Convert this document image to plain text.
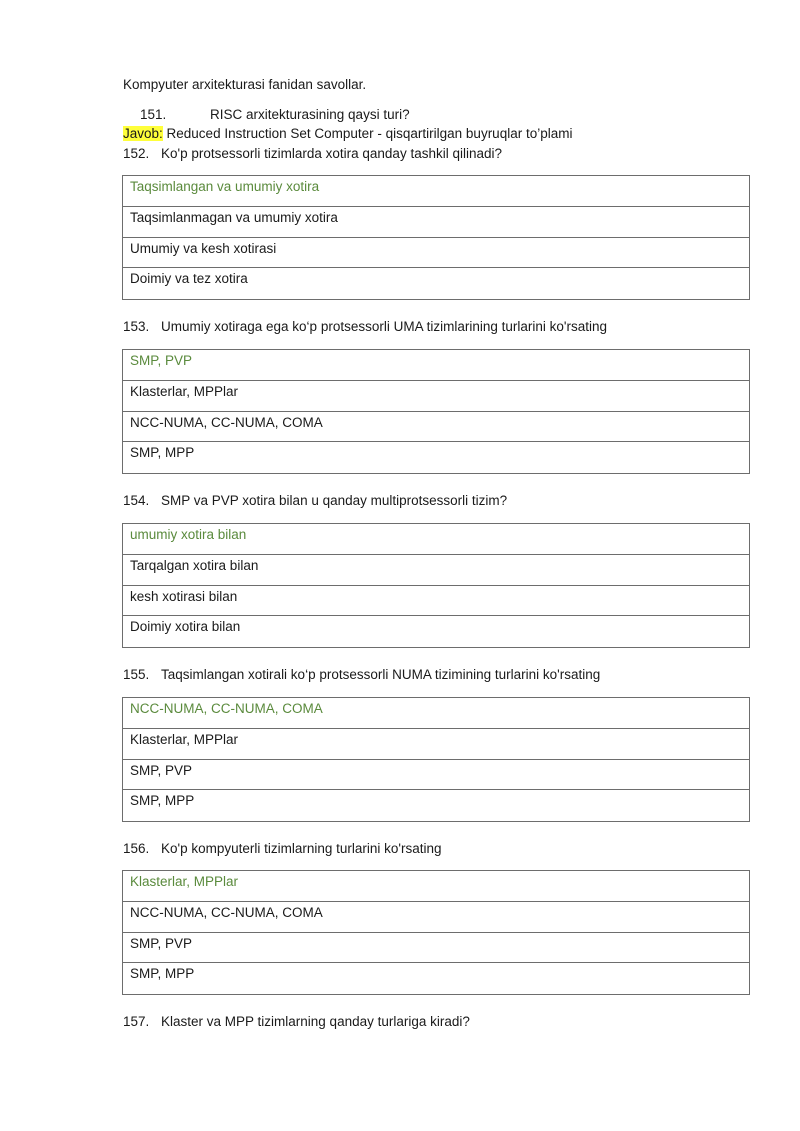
Kompyuter arxitekturasi fanidan savollar.
151.	RISC arxitekturasining qaysi turi?
Javob: Reduced Instruction Set Computer - qisqartirilgan buyruqlar to’plami
152. Ko'p protsessorli tizimlarda xotira qanday tashkil qilinadi?
Taqsimlangan va umumiy xotira
Taqsimlanmagan va umumiy xotira
Umumiy va kesh xotirasi
Doimiy va tez xotira
153. Umumiy xotiraga ega ko‘p protsessorli UMA tizimlarining turlarini ko'rsating
SMP, PVP
Klasterlar, MPPlar
NCC-NUMA, CC-NUMA, COMA
SMP, MPP
154. SMP va PVP xotira bilan u qanday multiprotsessorli tizim?
umumiy xotira bilan
Tarqalgan xotira bilan
kesh xotirasi bilan
Doimiy xotira bilan
155. Taqsimlangan xotirali ko‘p protsessorli NUMA tizimining turlarini ko'rsating
NCC-NUMA, CC-NUMA, COMA
Klasterlar, MPPlar
SMP, PVP
SMP, MPP
156. Ko'p kompyuterli tizimlarning turlarini ko'rsating
Klasterlar, MPPlar
NCC-NUMA, CC-NUMA, COMA
SMP, PVP
SMP, MPP
157. Klaster va MPP tizimlarning qanday turlariga kiradi?
